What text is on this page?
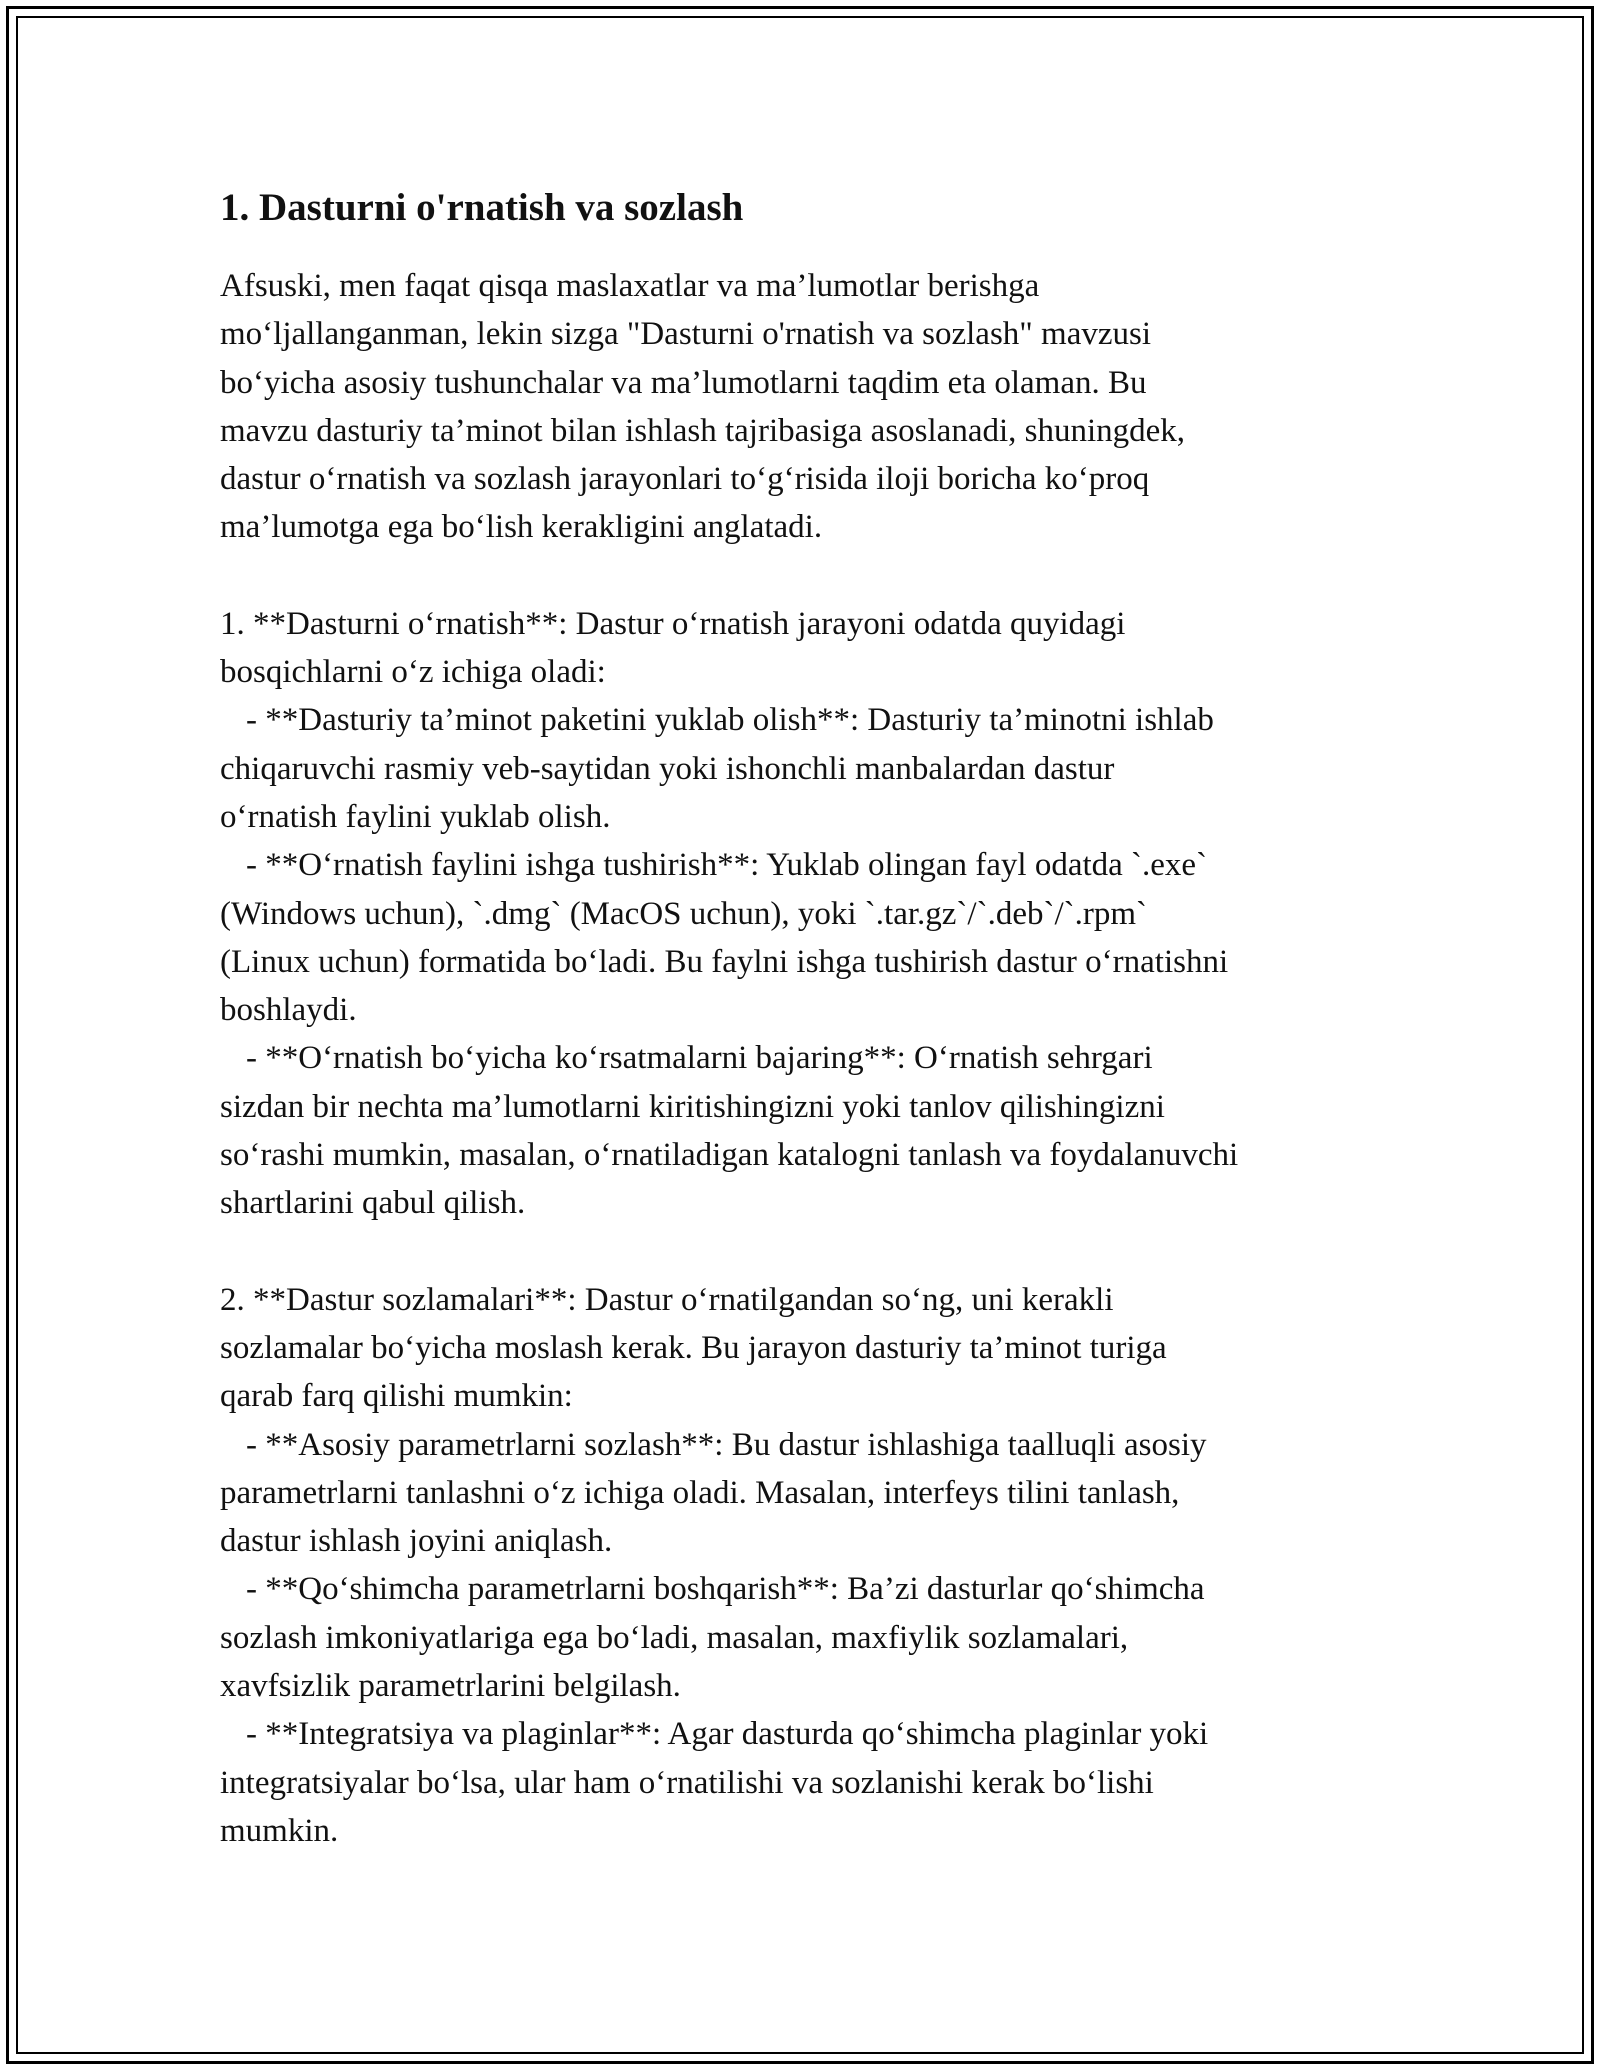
1. Dasturni o'rnatish va sozlash

Afsuski, men faqat qisqa maslaxatlar va ma’lumotlar berishga
mo‘ljallanganman, lekin sizga "Dasturni o'rnatish va sozlash" mavzusi
bo‘yicha asosiy tushunchalar va ma’lumotlarni taqdim eta olaman. Bu
mavzu dasturiy ta’minot bilan ishlash tajribasiga asoslanadi, shuningdek,
dastur o‘rnatish va sozlash jarayonlari to‘g‘risida iloji boricha ko‘proq
ma’lumotga ega bo‘lish kerakligini anglatadi.

1. **Dasturni o‘rnatish**: Dastur o‘rnatish jarayoni odatda quyidagi
bosqichlarni o‘z ichiga oladi:

- **Dasturiy ta’minot paketini yuklab olish**: Dasturiy ta’minotni ishlab
chiqaruvchi rasmiy veb-saytidan yoki ishonchli manbalardan dastur
o‘rnatish faylini yuklab olish.

- **O‘rnatish faylini ishga tushirish**: Yuklab olingan fayl odatda `.exe`
(Windows uchun), `.dmg` (MacOS uchun), yoki `.tar.gz`/`.deb`/`.rpm`
(Linux uchun) formatida bo‘ladi. Bu faylni ishga tushirish dastur o‘rnatishni
boshlaydi.

- **O‘rnatish bo‘yicha ko‘rsatmalarni bajaring**: O‘rnatish sehrgari
sizdan bir nechta ma’lumotlarni kiritishingizni yoki tanlov qilishingizni
so‘rashi mumkin, masalan, o‘rnatiladigan katalogni tanlash va foydalanuvchi
shartlarini qabul qilish.

2. **Dastur sozlamalari**: Dastur o‘rnatilgandan so‘ng, uni kerakli
sozlamalar bo‘yicha moslash kerak. Bu jarayon dasturiy ta’minot turiga
qarab farq qilishi mumkin:

- **Asosiy parametrlarni sozlash**: Bu dastur ishlashiga taalluqli asosiy
parametrlarni tanlashni o‘z ichiga oladi. Masalan, interfeys tilini tanlash,
dastur ishlash joyini aniqlash.

- **Qo‘shimcha parametrlarni boshqarish**: Ba’zi dasturlar qo‘shimcha
sozlash imkoniyatlariga ega bo‘ladi, masalan, maxfiylik sozlamalari,
xavfsizlik parametrlarini belgilash.

- **Integratsiya va plaginlar**: Agar dasturda qo‘shimcha plaginlar yoki
integratsiyalar bo‘lsa, ular ham o‘rnatilishi va sozlanishi kerak bo‘lishi
mumkin.
